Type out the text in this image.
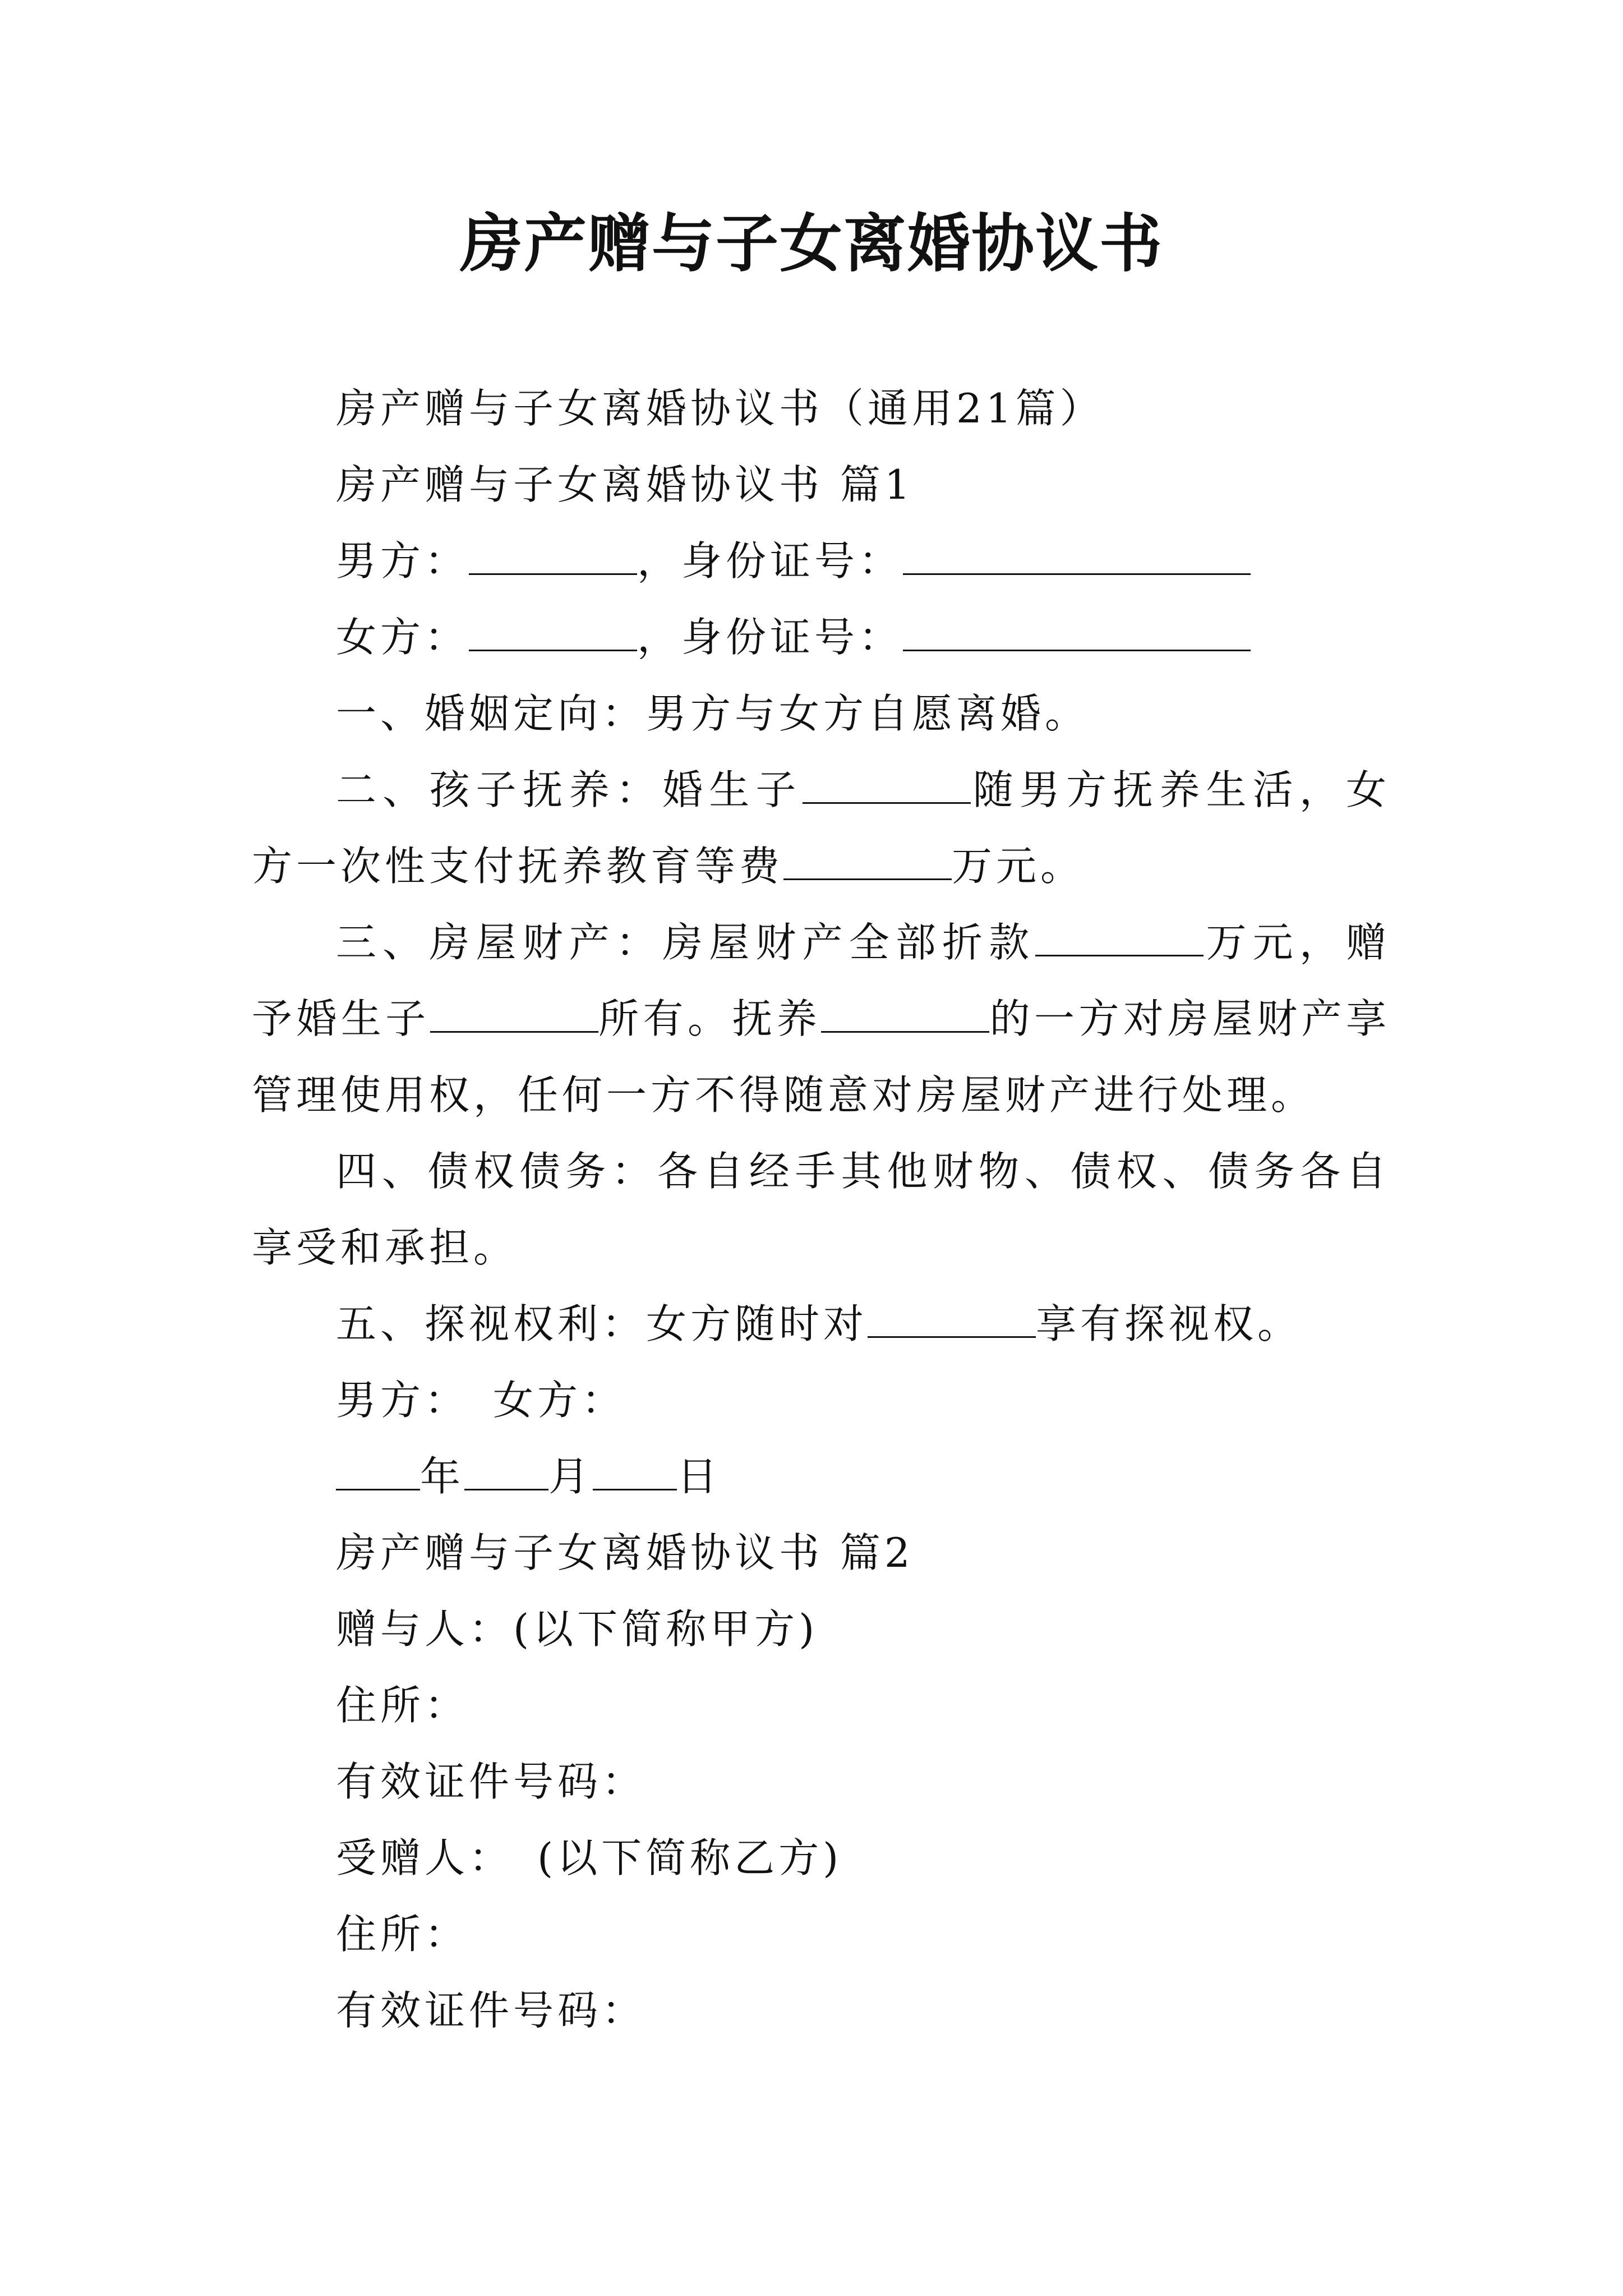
房产赠与子女离婚协议书

房产赠与子女离婚协议书（通用21篇）

房产赠与子女离婚协议书 篇1

男方：	，身份证号：

女方：	，身份证号：

一、婚姻定向：男方与女方自愿离婚。

二、孩子抚养：婚生子	随男方抚养生活，女方一次性支付抚养教育等费	万元。

三、房屋财产：房屋财产全部折款	万元，赠予婚生子	所有。抚养	的一方对房屋财产享管理使用权，任何一方不得随意对房屋财产进行处理。

四、债权债务：各自经手其他财物、债权、债务各自享受和承担。

五、探视权利：女方随时对	享有探视权。

男方：　女方：

年 月 日

房产赠与子女离婚协议书 篇2

赠与人：(以下简称甲方)

住所：

有效证件号码：

受赠人：　(以下简称乙方)

住所：

有效证件号码：
